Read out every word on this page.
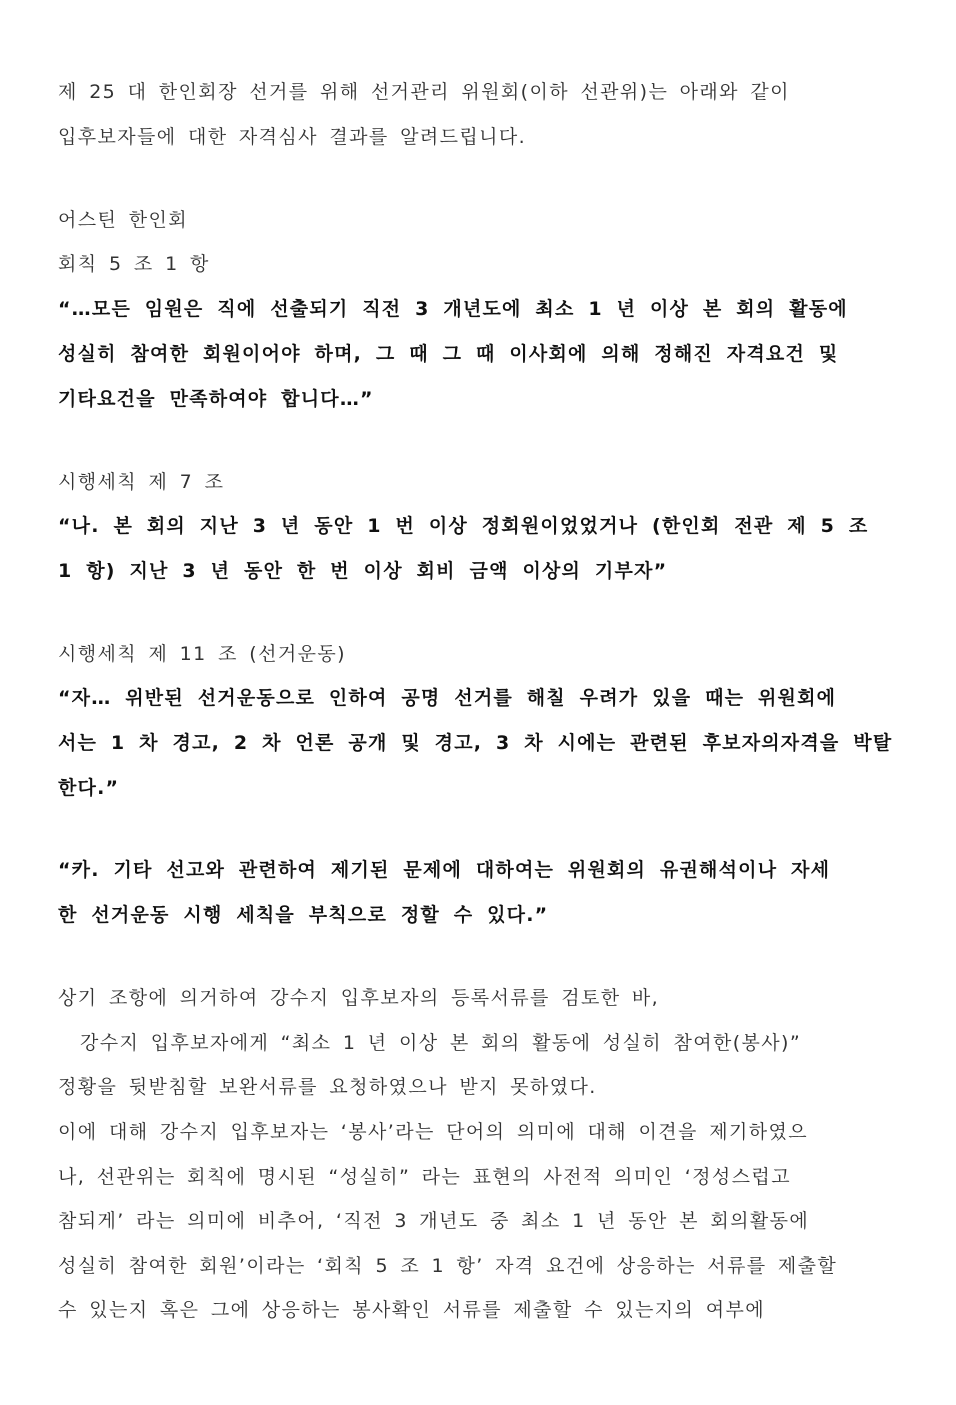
제 25 대 한인회장 선거를 위해 선거관리 위원회(이하 선관위)는 아래와 같이
입후보자들에 대한 자격심사 결과를 알려드립니다.
어스틴 한인회
회칙 5 조 1 항
“…모든 임원은 직에 선출되기 직전 3 개년도에 최소 1 년 이상 본 회의 활동에
성실히 참여한 회원이어야 하며, 그 때 그 때 이사회에 의해 정해진 자격요건 및
기타요건을 만족하여야 합니다…”
시행세칙 제 7 조
“나. 본 회의 지난 3 년 동안 1 번 이상 정회원이었었거나 (한인회 전관 제 5 조
1 항) 지난 3 년 동안 한 번 이상 회비 금액 이상의 기부자”
시행세칙 제 11 조 (선거운동)
“자… 위반된 선거운동으로 인하여 공명 선거를 해칠 우려가 있을 때는 위원회에
서는 1 차 경고, 2 차 언론 공개 및 경고, 3 차 시에는 관련된 후보자의자격을 박탈
한다.”
“카. 기타 선고와 관련하여 제기된 문제에 대하여는 위원회의 유권해석이나 자세
한 선거운동 시행 세칙을 부칙으로 정할 수 있다.”
상기 조항에 의거하여 강수지 입후보자의 등록서류를 검토한 바,
강수지 입후보자에게 “최소 1 년 이상 본 회의 활동에 성실히 참여한(봉사)”
정황을 뒷받침할 보완서류를 요청하였으나 받지 못하였다.
이에 대해 강수지 입후보자는 ‘봉사’라는 단어의 의미에 대해 이견을 제기하였으
나, 선관위는 회칙에 명시된 “성실히” 라는 표현의 사전적 의미인 ‘정성스럽고
참되게’ 라는 의미에 비추어, ‘직전 3 개년도 중 최소 1 년 동안 본 회의활동에
성실히 참여한 회원’이라는 ‘회칙 5 조 1 항’ 자격 요건에 상응하는 서류를 제출할
수 있는지 혹은 그에 상응하는 봉사확인 서류를 제출할 수 있는지의 여부에
